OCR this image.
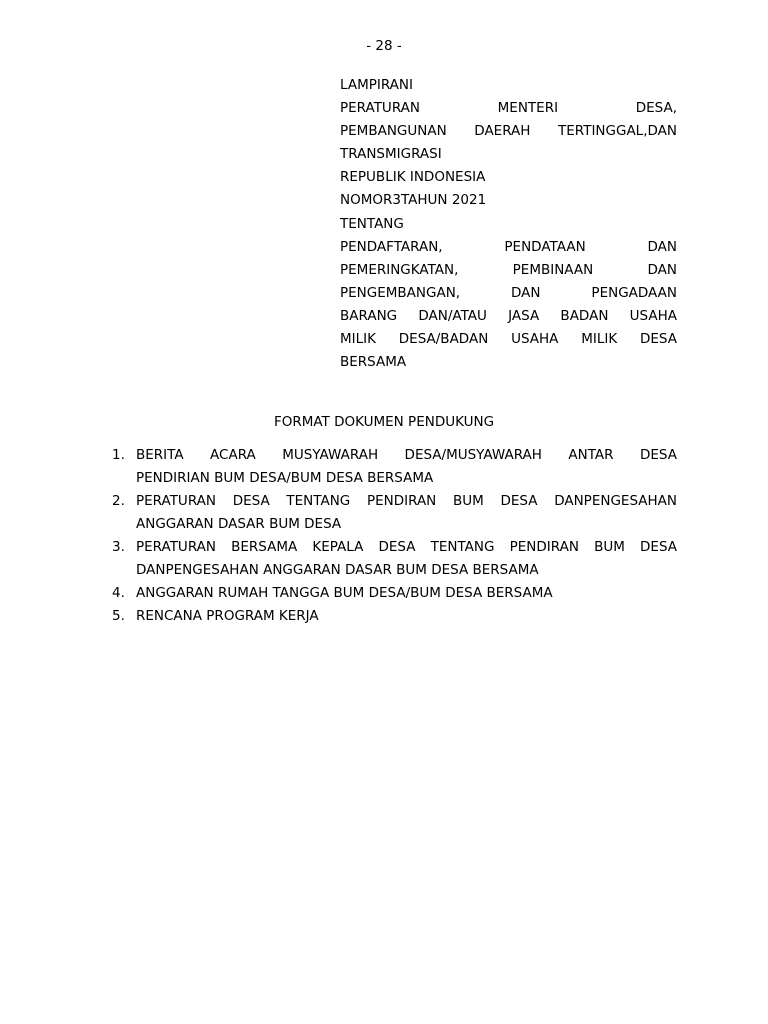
- 28 -
LAMPIRANI
PERATURAN MENTERI DESA,
PEMBANGUNAN DAERAH TERTINGGAL,DAN
TRANSMIGRASI
REPUBLIK INDONESIA
NOMOR3TAHUN 2021
TENTANG
PENDAFTARAN, PENDATAAN DAN
PEMERINGKATAN, PEMBINAAN DAN
PENGEMBANGAN, DAN PENGADAAN
BARANG DAN/ATAU JASA BADAN USAHA
MILIK DESA/BADAN USAHA MILIK DESA
BERSAMA
FORMAT DOKUMEN PENDUKUNG
1. BERITA ACARA MUSYAWARAH DESA/MUSYAWARAH ANTAR DESA
PENDIRIAN BUM DESA/BUM DESA BERSAMA
2. PERATURAN DESA TENTANG PENDIRAN BUM DESA DANPENGESAHAN
ANGGARAN DASAR BUM DESA
3. PERATURAN BERSAMA KEPALA DESA TENTANG PENDIRAN BUM DESA
DANPENGESAHAN ANGGARAN DASAR BUM DESA BERSAMA
4. ANGGARAN RUMAH TANGGA BUM DESA/BUM DESA BERSAMA
5. RENCANA PROGRAM KERJA
